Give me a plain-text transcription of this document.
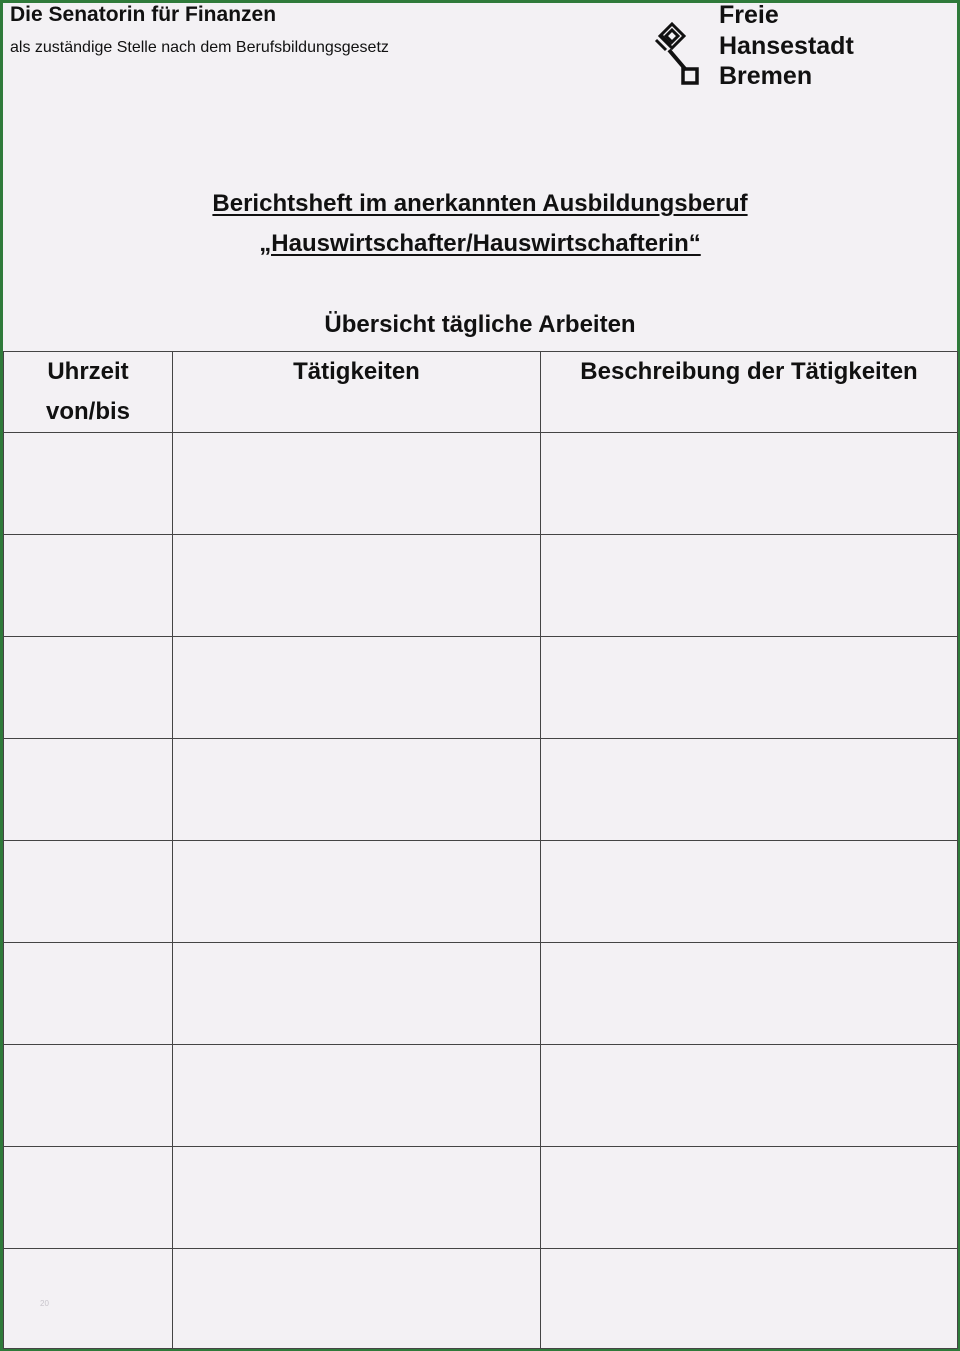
Die Senatorin für Finanzen
als zuständige Stelle nach dem Berufsbildungsgesetz
Freie
Hansestadt
Bremen
Berichtsheft im anerkannten Ausbildungsberuf
„Hauswirtschafter/Hauswirtschafterin“
Übersicht tägliche Arbeiten
Uhrzeit
von/bis	Tätigkeiten	Beschreibung der Tätigkeiten

20
